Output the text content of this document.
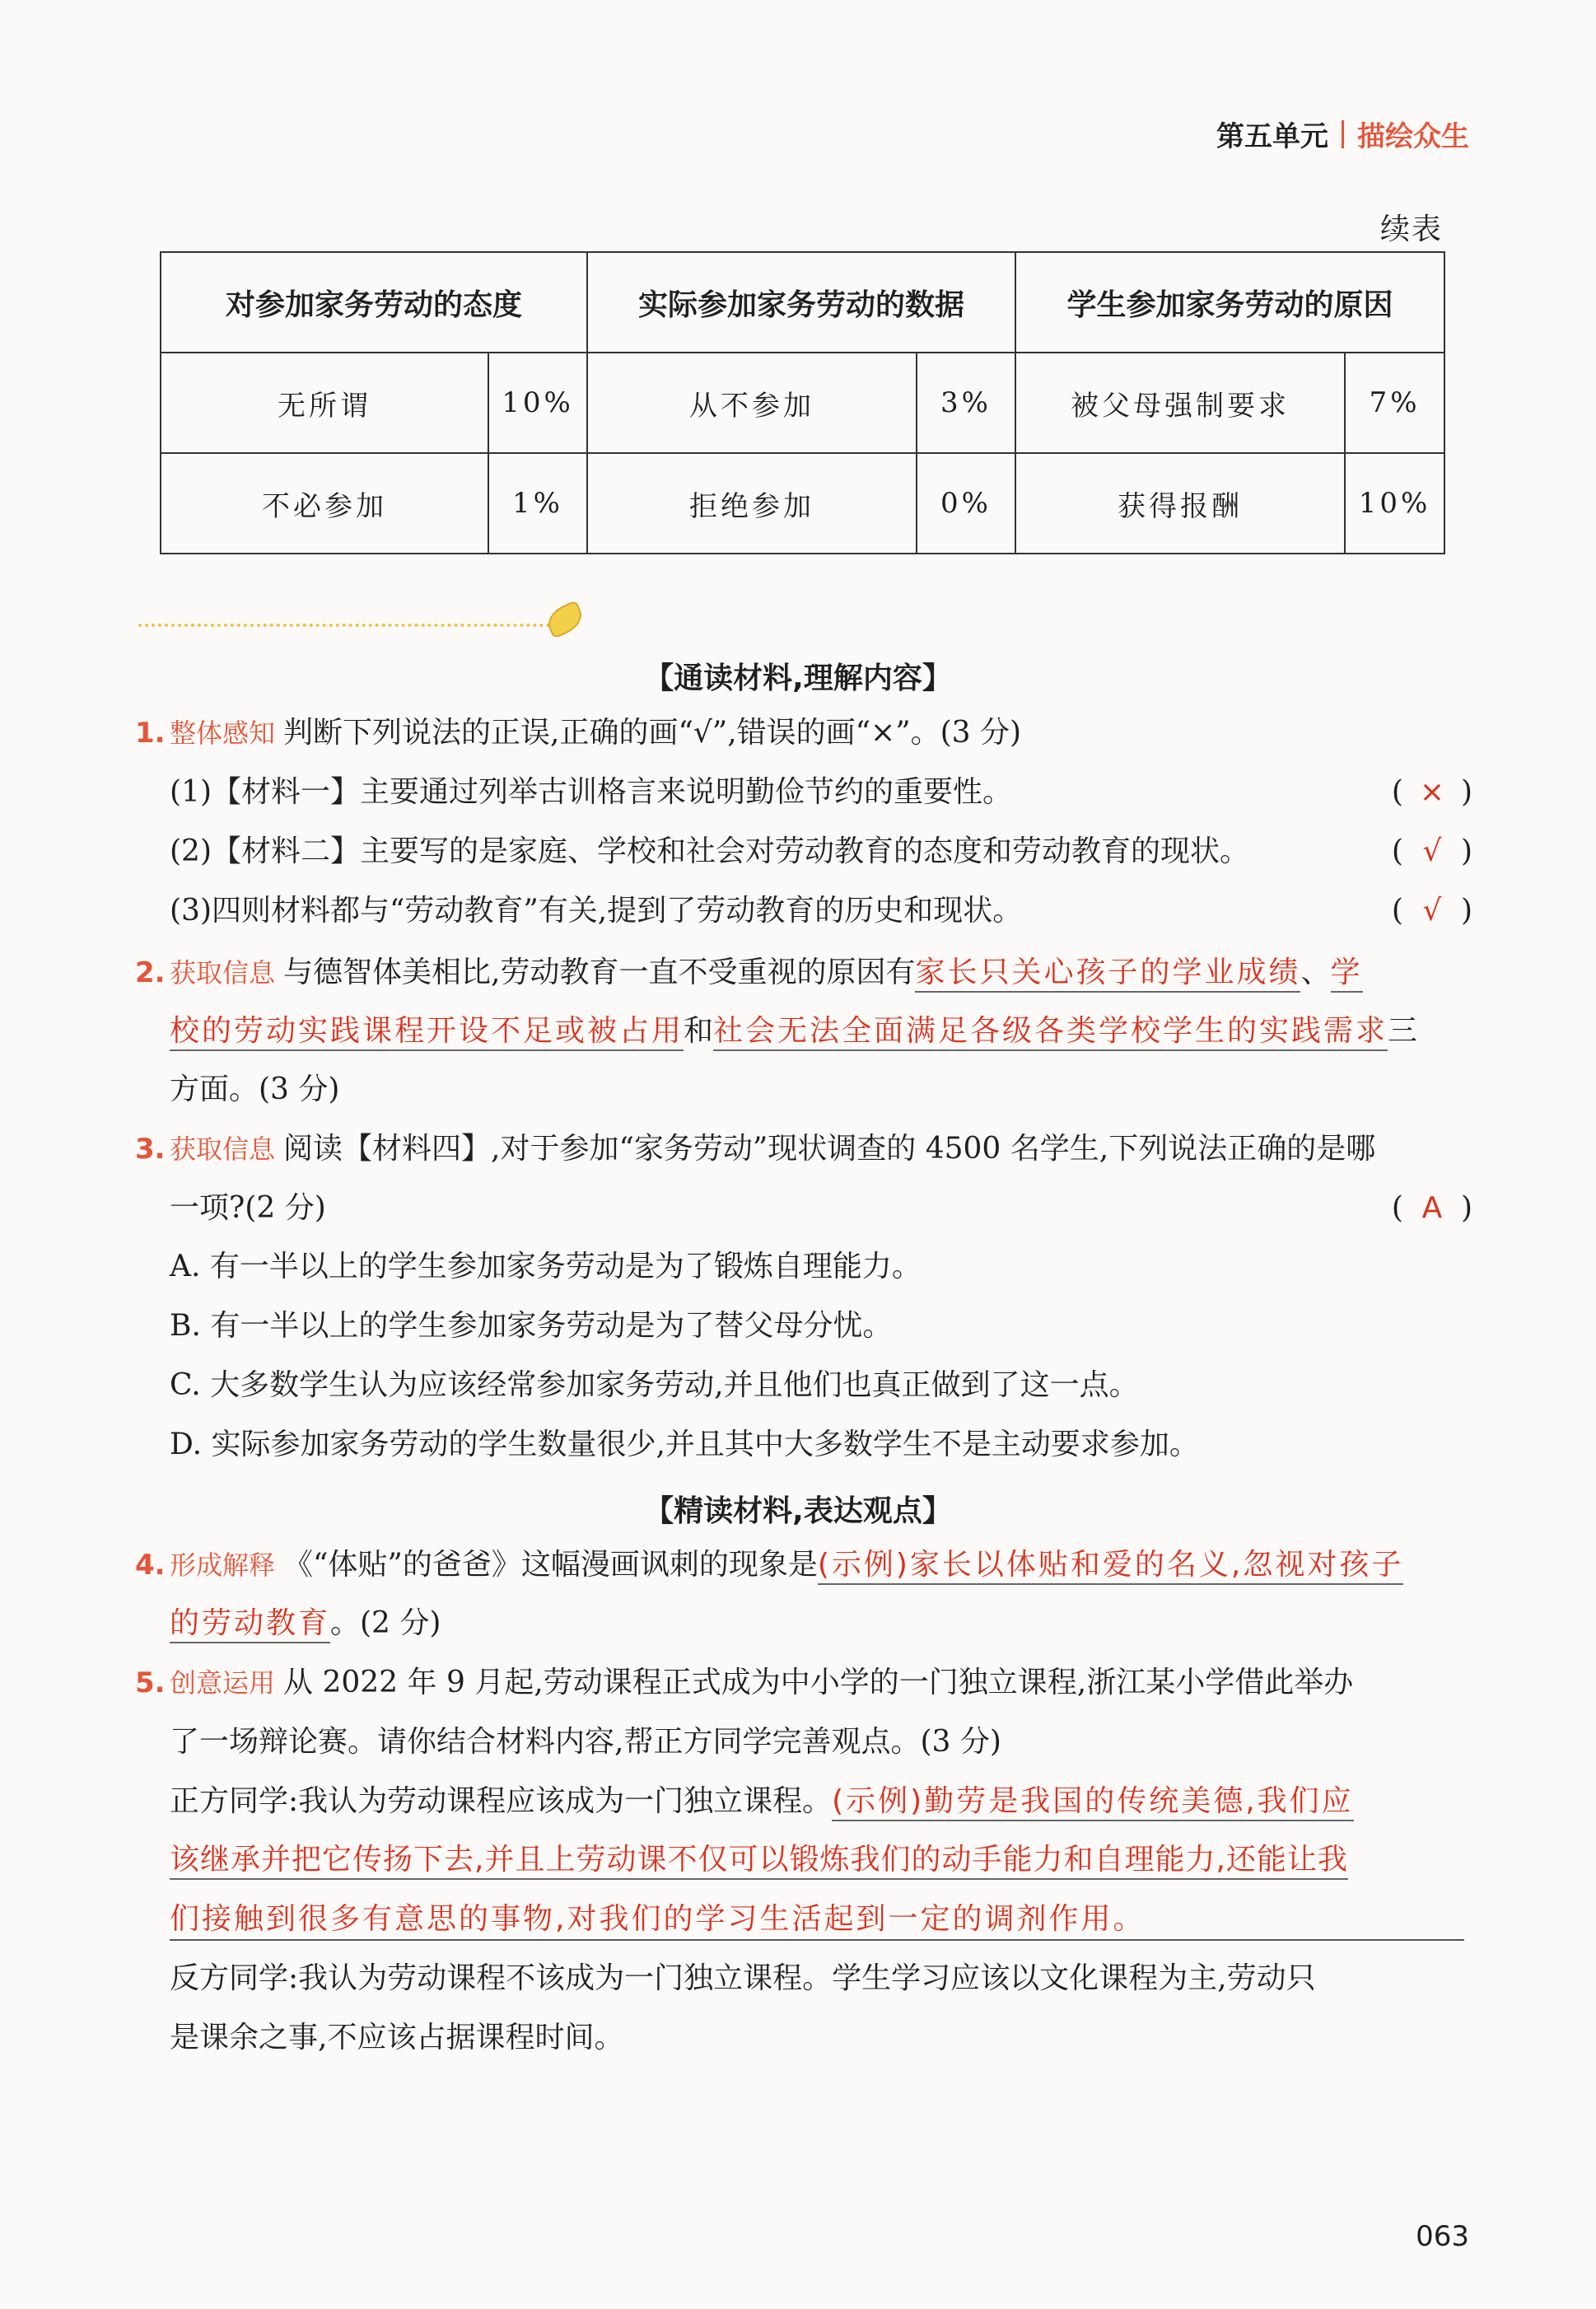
第五单元 描绘众生
续表
对参加家务劳动的态度		实际参加家务劳动的数据		学生参加家务劳动的原因	
无所谓	10%	从不参加	3%	被父母强制要求	7%
不必参加	1%	拒绝参加	0%	获得报酬	10%
【通读材料,理解内容】
1. 整体感知 判断下列说法的正误,正确的画“√”,错误的画“×”。(3 分)
(1)【材料一】主要通过列举古训格言来说明勤俭节约的重要性。	( × )
(2)【材料二】主要写的是家庭、学校和社会对劳动教育的态度和劳动教育的现状。	( √ )
(3)四则材料都与“劳动教育”有关,提到了劳动教育的历史和现状。	( √ )
2. 获取信息 与德智体美相比,劳动教育一直不受重视的原因有家长只关心孩子的学业成绩、学
校的劳动实践课程开设不足或被占用和社会无法全面满足各级各类学校学生的实践需求三
方面。(3 分)
3. 获取信息 阅读【材料四】,对于参加“家务劳动”现状调查的 4500 名学生,下列说法正确的是哪
一项?(2 分)	( A )
A. 有一半以上的学生参加家务劳动是为了锻炼自理能力。
B. 有一半以上的学生参加家务劳动是为了替父母分忧。
C. 大多数学生认为应该经常参加家务劳动,并且他们也真正做到了这一点。
D. 实际参加家务劳动的学生数量很少,并且其中大多数学生不是主动要求参加。
【精读材料,表达观点】
4. 形成解释 《“体贴”的爸爸》这幅漫画讽刺的现象是(示例)家长以体贴和爱的名义,忽视对孩子
的劳动教育。(2 分)
5. 创意运用 从 2022 年 9 月起,劳动课程正式成为中小学的一门独立课程,浙江某小学借此举办
了一场辩论赛。请你结合材料内容,帮正方同学完善观点。(3 分)
正方同学:我认为劳动课程应该成为一门独立课程。(示例)勤劳是我国的传统美德,我们应
该继承并把它传扬下去,并且上劳动课不仅可以锻炼我们的动手能力和自理能力,还能让我
们接触到很多有意思的事物,对我们的学习生活起到一定的调剂作用。
反方同学:我认为劳动课程不该成为一门独立课程。学生学习应该以文化课程为主,劳动只
是课余之事,不应该占据课程时间。
063
